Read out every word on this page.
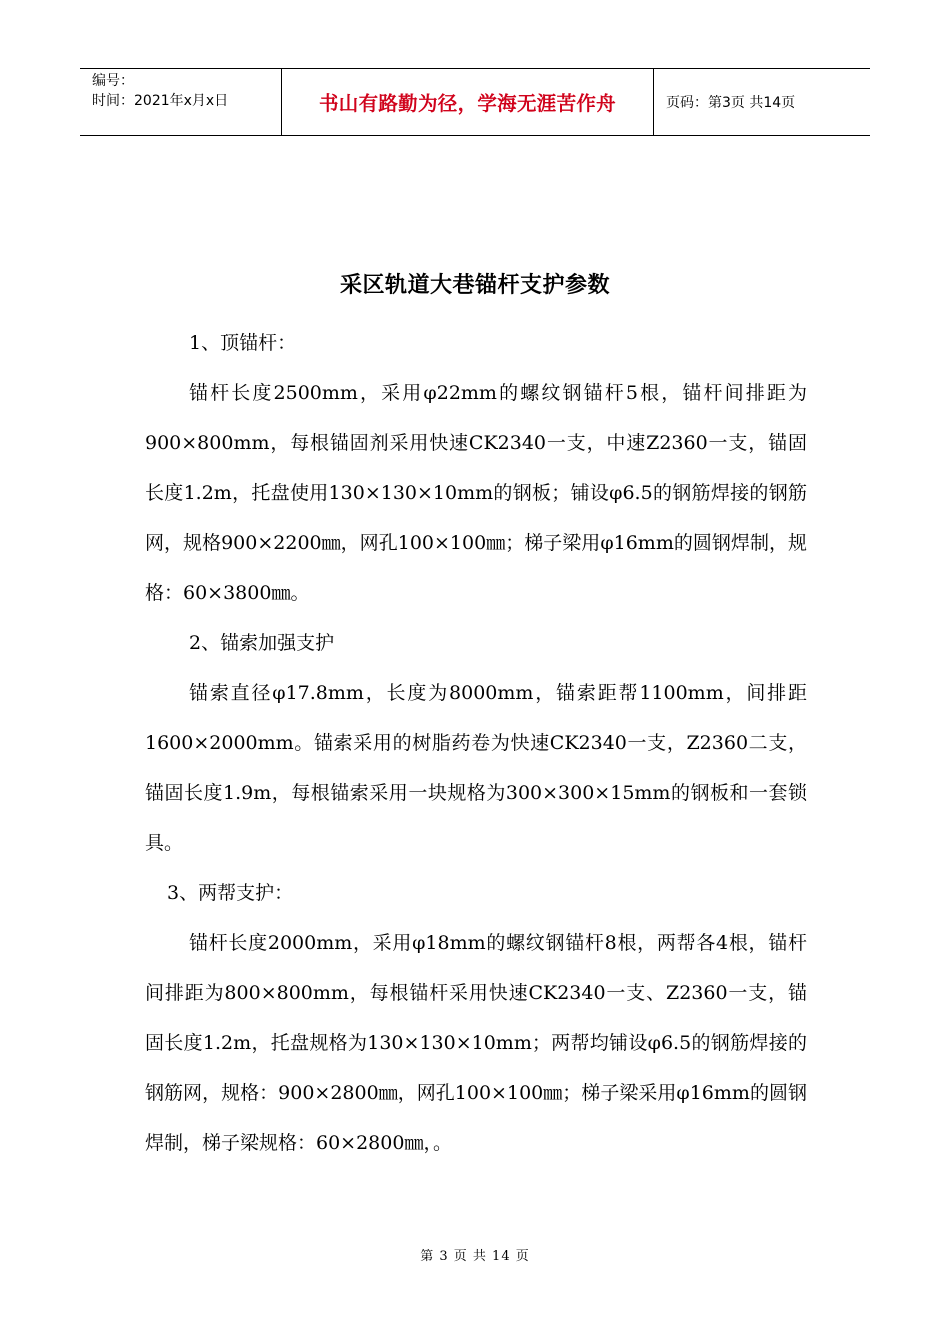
编号：
时间：2021年x月x日	书山有路勤为径，学海无涯苦作舟	页码：第3页 共14页
采区轨道大巷锚杆支护参数

1、顶锚杆：

锚杆长度2500mm，采用φ22mm的螺纹钢锚杆5根，锚杆间排距为900×800mm，每根锚固剂采用快速CK2340一支，中速Z2360一支，锚固长度1.2m，托盘使用130×130×10mm的钢板；铺设φ6.5的钢筋焊接的钢筋网，规格900×2200㎜，网孔100×100㎜；梯子梁用φ16mm的圆钢焊制，规格：60×3800㎜。

2、锚索加强支护

锚索直径φ17.8mm，长度为8000mm，锚索距帮1100mm，间排距1600×2000mm。锚索采用的树脂药卷为快速CK2340一支，Z2360二支，锚固长度1.9m，每根锚索采用一块规格为300×300×15mm的钢板和一套锁具。

3、两帮支护：

锚杆长度2000mm，采用φ18mm的螺纹钢锚杆8根，两帮各4根，锚杆间排距为800×800mm，每根锚杆采用快速CK2340一支、Z2360一支，锚固长度1.2m，托盘规格为130×130×10mm；两帮均铺设φ6.5的钢筋焊接的钢筋网，规格：900×2800㎜，网孔100×100㎜；梯子梁采用φ16mm的圆钢焊制，梯子梁规格：60×2800㎜，。

第 3 页 共 14 页
